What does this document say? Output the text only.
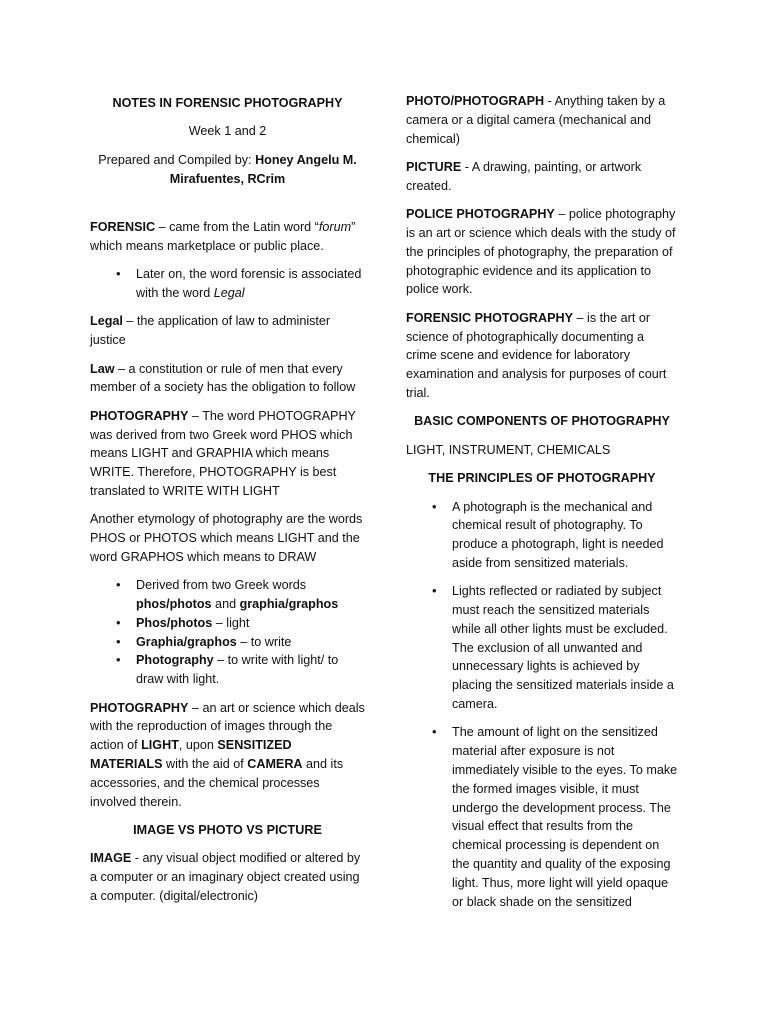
NOTES IN FORENSIC PHOTOGRAPHY

Week 1 and 2

Prepared and Compiled by: Honey Angelu M. Mirafuentes, RCrim

FORENSIC – came from the Latin word “forum” which means marketplace or public place.

• Later on, the word forensic is associated with the word Legal

Legal – the application of law to administer justice

Law – a constitution or rule of men that every member of a society has the obligation to follow

PHOTOGRAPHY – The word PHOTOGRAPHY was derived from two Greek word PHOS which means LIGHT and GRAPHIA which means WRITE. Therefore, PHOTOGRAPHY is best translated to WRITE WITH LIGHT

Another etymology of photography are the words PHOS or PHOTOS which means LIGHT and the word GRAPHOS which means to DRAW

• Derived from two Greek words phos/photos and graphia/graphos
• Phos/photos – light
• Graphia/graphos – to write
• Photography – to write with light/ to draw with light.

PHOTOGRAPHY – an art or science which deals with the reproduction of images through the action of LIGHT, upon SENSITIZED MATERIALS with the aid of CAMERA and its accessories, and the chemical processes involved therein.

IMAGE VS PHOTO VS PICTURE

IMAGE - any visual object modified or altered by a computer or an imaginary object created using a computer. (digital/electronic)

PHOTO/PHOTOGRAPH - Anything taken by a camera or a digital camera (mechanical and chemical)

PICTURE - A drawing, painting, or artwork created.

POLICE PHOTOGRAPHY – police photography is an art or science which deals with the study of the principles of photography, the preparation of photographic evidence and its application to police work.

FORENSIC PHOTOGRAPHY – is the art or science of photographically documenting a crime scene and evidence for laboratory examination and analysis for purposes of court trial.

BASIC COMPONENTS OF PHOTOGRAPHY

LIGHT, INSTRUMENT, CHEMICALS

THE PRINCIPLES OF PHOTOGRAPHY

• A photograph is the mechanical and chemical result of photography. To produce a photograph, light is needed aside from sensitized materials.
• Lights reflected or radiated by subject must reach the sensitized materials while all other lights must be excluded. The exclusion of all unwanted and unnecessary lights is achieved by placing the sensitized materials inside a camera.
• The amount of light on the sensitized material after exposure is not immediately visible to the eyes. To make the formed images visible, it must undergo the development process. The visual effect that results from the chemical processing is dependent on the quantity and quality of the exposing light. Thus, more light will yield opaque or black shade on the sensitized
